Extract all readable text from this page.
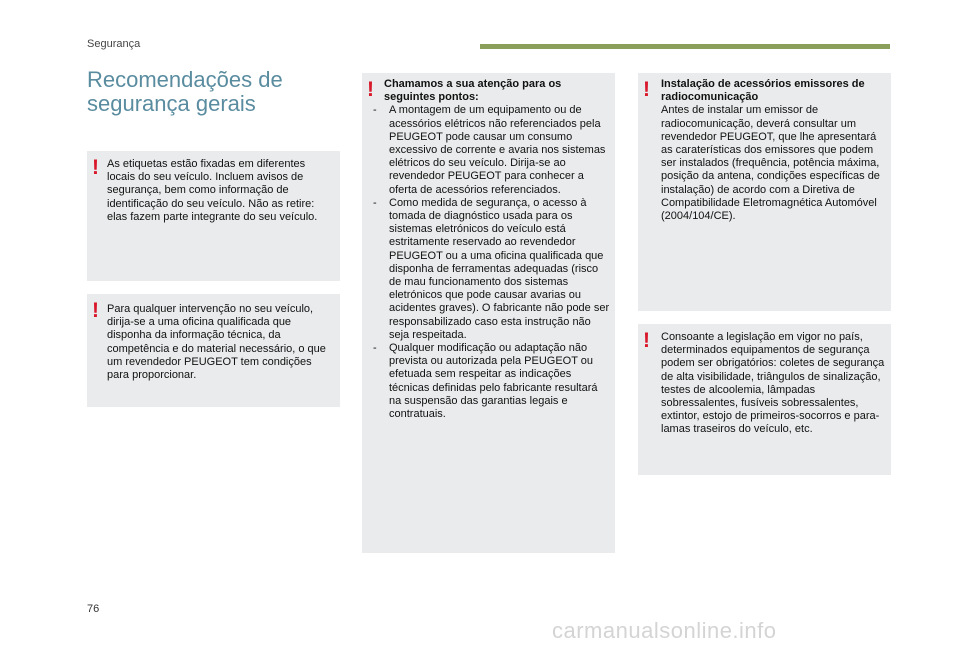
Segurança
Recomendações de
segurança gerais
! As etiquetas estão fixadas em diferentes locais do seu veículo. Incluem avisos de segurança, bem como informação de identificação do seu veículo. Não as retire: elas fazem parte integrante do seu veículo.

! Para qualquer intervenção no seu veículo, dirija-se a uma oficina qualificada que disponha da informação técnica, da competência e do material necessário, o que um revendedor PEUGEOT tem condições para proporcionar.

! Chamamos a sua atenção para os seguintes pontos:

- A montagem de um equipamento ou de acessórios elétricos não referenciados pela PEUGEOT pode causar um consumo excessivo de corrente e avaria nos sistemas elétricos do seu veículo. Dirija-se ao revendedor PEUGEOT para conhecer a oferta de acessórios referenciados.
- Como medida de segurança, o acesso à tomada de diagnóstico usada para os sistemas eletrónicos do veículo está estritamente reservado ao revendedor PEUGEOT ou a uma oficina qualificada que disponha de ferramentas adequadas (risco de mau funcionamento dos sistemas eletrónicos que pode causar avarias ou acidentes graves). O fabricante não pode ser responsabilizado caso esta instrução não seja respeitada.
- Qualquer modificação ou adaptação não prevista ou autorizada pela PEUGEOT ou efetuada sem respeitar as indicações técnicas definidas pelo fabricante resultará na suspensão das garantias legais e contratuais.
! Instalação de acessórios emissores de radiocomunicação

Antes de instalar um emissor de radiocomunicação, deverá consultar um revendedor PEUGEOT, que lhe apresentará as caraterísticas dos emissores que podem ser instalados (frequência, potência máxima, posição da antena, condições específicas de instalação) de acordo com a Diretiva de Compatibilidade Eletromagnética Automóvel (2004/104/CE).

! Consoante a legislação em vigor no país, determinados equipamentos de segurança podem ser obrigatórios: coletes de segurança de alta visibilidade, triângulos de sinalização, testes de alcoolemia, lâmpadas sobressalentes, fusíveis sobressalentes, extintor, estojo de primeiros-socorros e para-lamas traseiros do veículo, etc.

76
carmanualsonline.info
